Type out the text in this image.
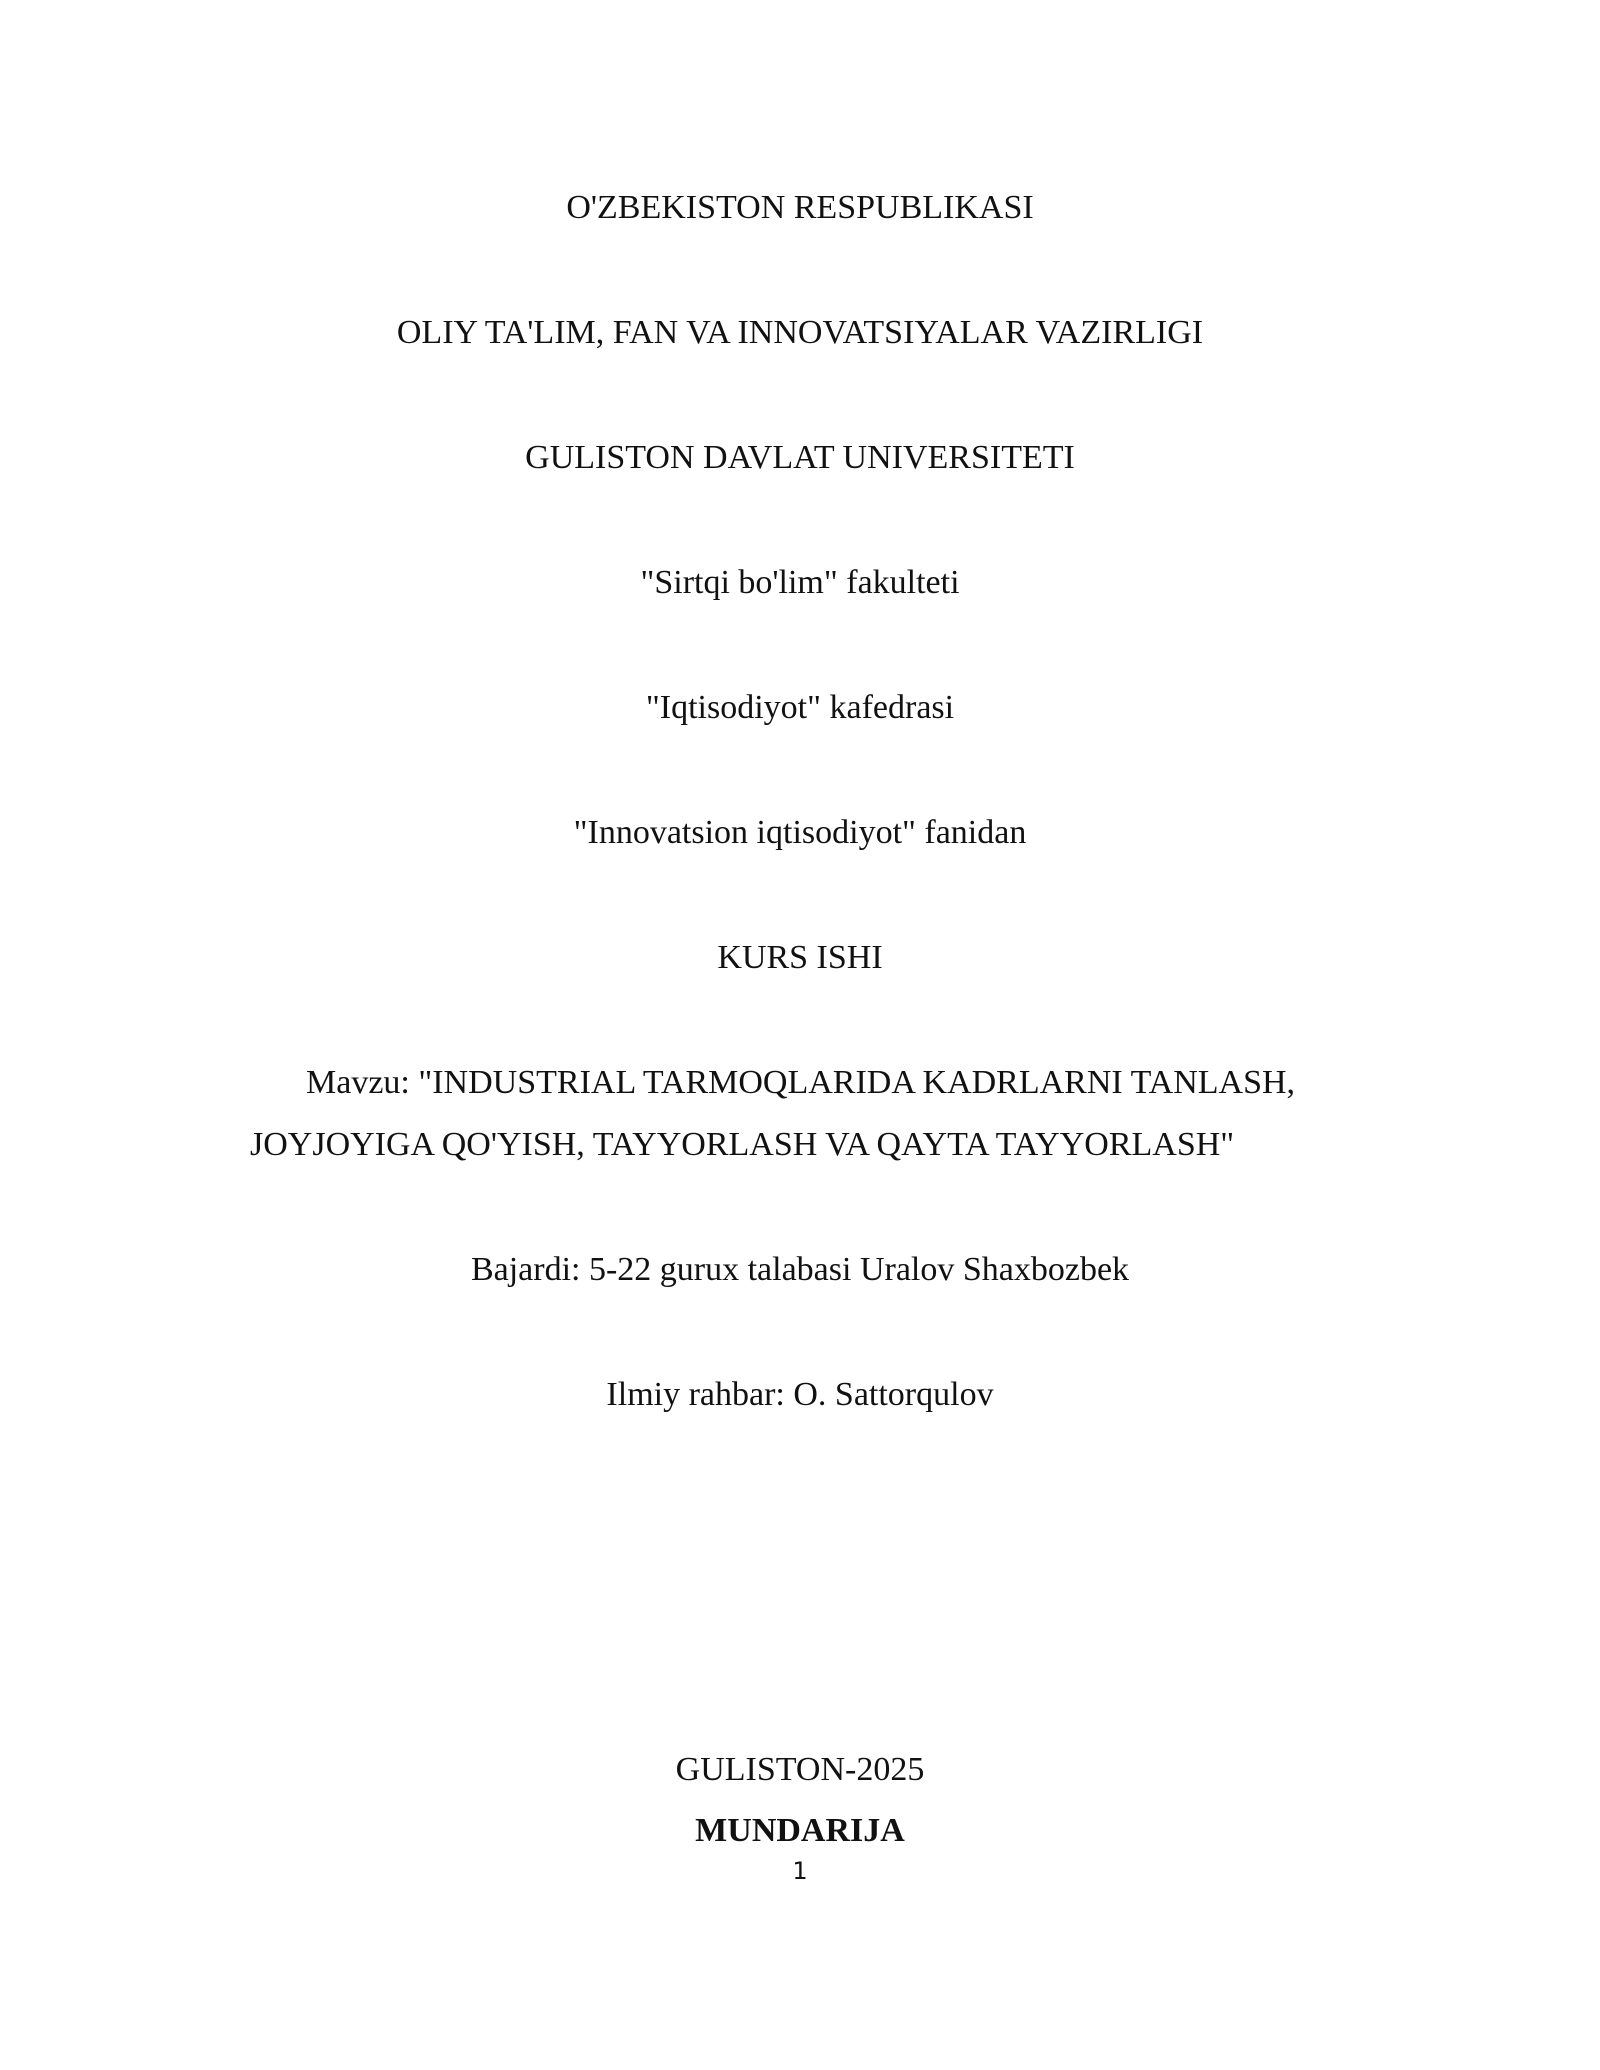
O'ZBEKISTON RESPUBLIKASI
OLIY TA'LIM, FAN VA INNOVATSIYALAR VAZIRLIGI
GULISTON DAVLAT UNIVERSITETI
"Sirtqi bo'lim" fakulteti
"Iqtisodiyot" kafedrasi
"Innovatsion iqtisodiyot" fanidan
KURS ISHI
Mavzu: "INDUSTRIAL TARMOQLARIDA KADRLARNI TANLASH, JOYJOYIGA QO'YISH, TAYYORLASH VA QAYTA TAYYORLASH"
Bajardi: 5-22 gurux talabasi Uralov Shaxbozbek
Ilmiy rahbar: O. Sattorqulov
GULISTON-2025
MUNDARIJA
1
